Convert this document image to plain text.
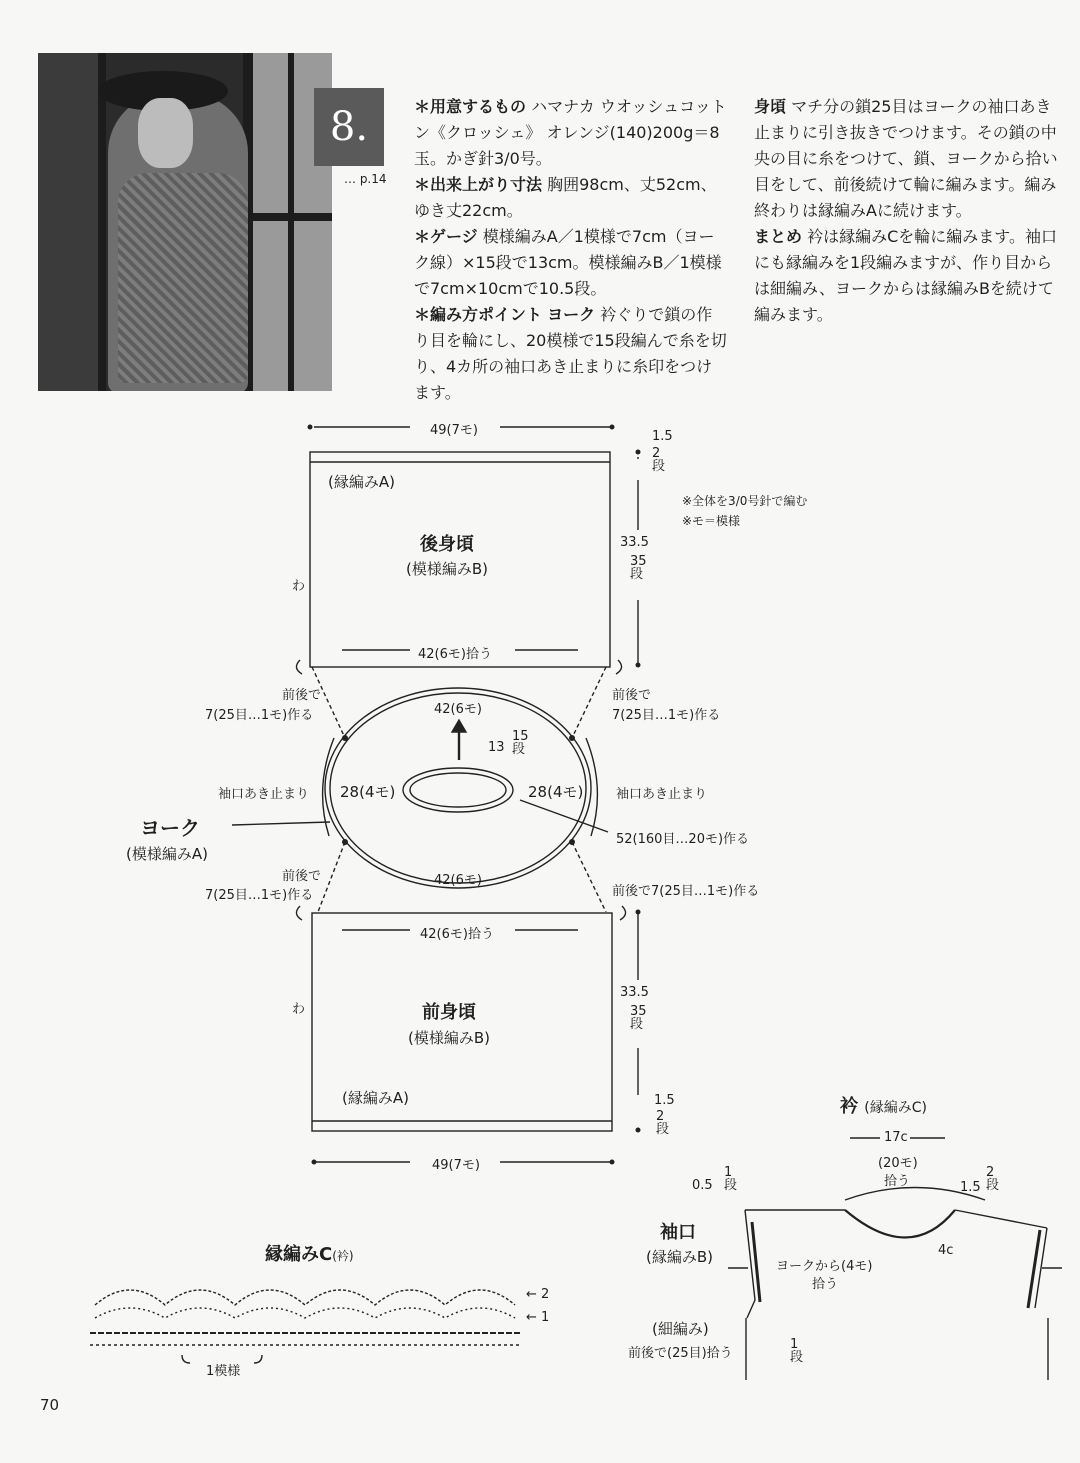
8.
… p.14
＊用意するもの ハマナカ ウオッシュコットン《クロッシェ》 オレンジ(140)200g＝8玉。かぎ針3/0号。
＊出来上がり寸法 胸囲98cm、丈52cm、ゆき丈22cm。
＊ゲージ 模様編みA／1模様で7cm（ヨーク線）×15段で13cm。模様編みB／1模様で7cm×10cmで10.5段。
＊編み方ポイント ヨーク 衿ぐりで鎖の作り目を輪にし、20模様で15段編んで糸を切り、4カ所の袖口あき止まりに糸印をつけます。
身頃 マチ分の鎖25目はヨークの袖口あき止まりに引き抜きでつけます。その鎖の中央の目に糸をつけて、鎖、ヨークから拾い目をして、前後続けて輪に編みます。編み終わりは縁編みAに続けます。
まとめ 衿は縁編みCを輪に編みます。袖口にも縁編みを1段編みますが、作り目からは細編み、ヨークからは縁編みBを続けて編みます。
49(7モ)
(縁編みA)
後身頃
(模様編みB)
わ
1.5
2段
33.5
35段
42(6モ)拾う
※全体を3/0号針で編む
※モ＝模様
前後で
7(25目…1モ)作る
前後で
7(25目…1モ)作る
42(6モ)
13
15段
袖口あき止まり	袖口あき止まり
28(4モ)	28(4モ)
ヨーク
(模様編みA)
52(160目…20モ)作る
42(6モ)
前後で
7(25目…1モ)作る	前後で7(25目…1モ)作る
42(6モ)拾う
わ	前身頃
(模様編みB)
33.5
35段
(縁編みA)	1.5
2段
49(7モ)
衿 (縁編みC)
17c
(20モ)
拾う
0.5
1段	1.5
2段
4c
袖口
(縁編みB)
ヨークから(4モ)
拾う
(細編み)
前後で(25目)拾う
1段
縁編みC(衿)
← 2
← 1
1模様
70
